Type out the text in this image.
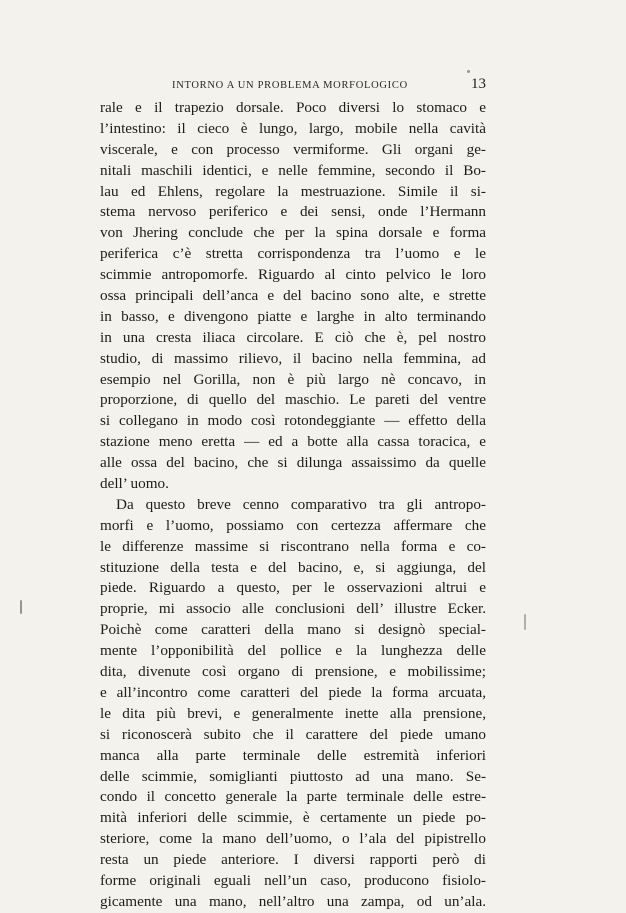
INTORNO A UN PROBLEMA MORFOLOGICO	13
rale e il trapezio dorsale. Poco diversi lo stomaco e
l’intestino: il cieco è lungo, largo, mobile nella cavità
viscerale, e con processo vermiforme. Gli organi ge-
nitali maschili identici, e nelle femmine, secondo il Bo-
lau ed Ehlens, regolare la mestruazione. Simile il si-
stema nervoso periferico e dei sensi, onde l’Hermann
von Jhering conclude che per la spina dorsale e forma
periferica c’è stretta corrispondenza tra l’uomo e le
scimmie antropomorfe. Riguardo al cinto pelvico le loro
ossa principali dell’anca e del bacino sono alte, e strette
in basso, e divengono piatte e larghe in alto terminando
in una cresta iliaca circolare. E ciò che è, pel nostro
studio, di massimo rilievo, il bacino nella femmina, ad
esempio nel Gorilla, non è più largo nè concavo, in
proporzione, di quello del maschio. Le pareti del ventre
si collegano in modo così rotondeggiante — effetto della
stazione meno eretta — ed a botte alla cassa toracica, e
alle ossa del bacino, che si dilunga assaissimo da quelle
dell’ uomo.
Da questo breve cenno comparativo tra gli antropo-
morfi e l’uomo, possiamo con certezza affermare che
le differenze massime si riscontrano nella forma e co-
stituzione della testa e del bacino, e, si aggiunga, del
piede. Riguardo a questo, per le osservazioni altrui e
proprie, mi associo alle conclusioni dell’ illustre Ecker.
Poichè come caratteri della mano si designò special-
mente l’opponibilità del pollice e la lunghezza delle
dita, divenute così organo di prensione, e mobilissime;
e all’incontro come caratteri del piede la forma arcuata,
le dita più brevi, e generalmente inette alla prensione,
si riconoscerà subito che il carattere del piede umano
manca alla parte terminale delle estremità inferiori
delle scimmie, somiglianti piuttosto ad una mano. Se-
condo il concetto generale la parte terminale delle estre-
mità inferiori delle scimmie, è certamente un piede po-
steriore, come la mano dell’uomo, o l’ala del pipistrello
resta un piede anteriore. I diversi rapporti però di
forme originali eguali nell’un caso, producono fisiolo-
gicamente una mano, nell’altro una zampa, od un’ala.
